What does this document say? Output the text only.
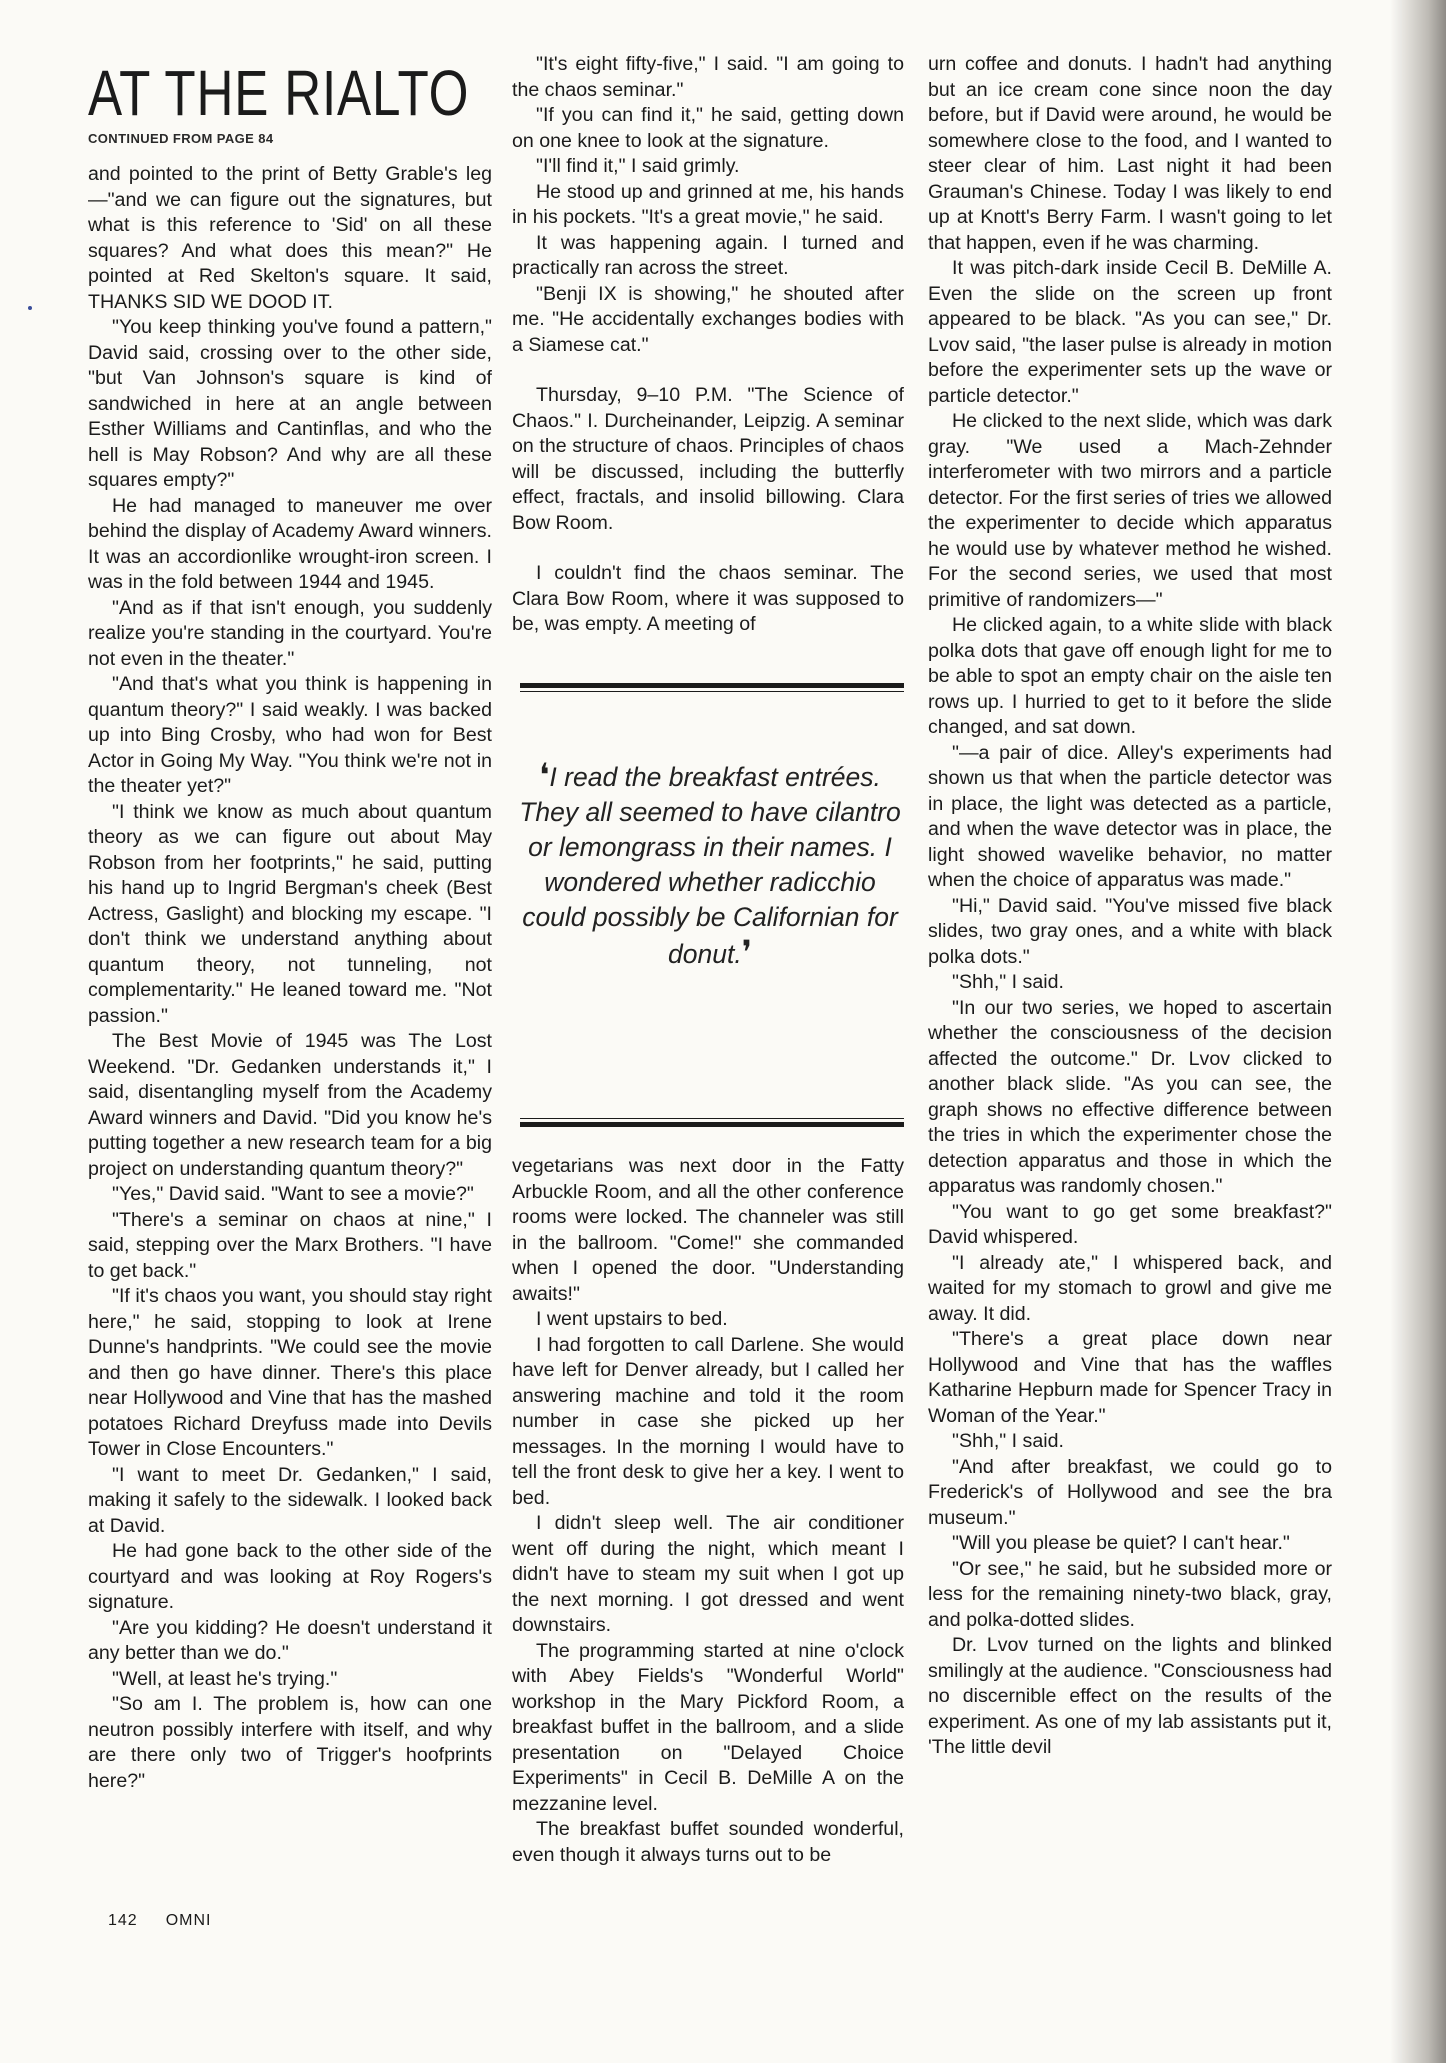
AT THE RIALTO
CONTINUED FROM PAGE 84

and pointed to the print of Betty Grable's leg—"and we can figure out the signatures, but what is this reference to 'Sid' on all these squares? And what does this mean?" He pointed at Red Skelton's square. It said, THANKS SID WE DOOD IT.

"You keep thinking you've found a pattern," David said, crossing over to the other side, "but Van Johnson's square is kind of sandwiched in here at an angle between Esther Williams and Cantinflas, and who the hell is May Robson? And why are all these squares empty?"

He had managed to maneuver me over behind the display of Academy Award winners. It was an accordionlike wrought-iron screen. I was in the fold between 1944 and 1945.

"And as if that isn't enough, you suddenly realize you're standing in the courtyard. You're not even in the theater."

"And that's what you think is happening in quantum theory?" I said weakly. I was backed up into Bing Crosby, who had won for Best Actor in Going My Way. "You think we're not in the theater yet?"

"I think we know as much about quantum theory as we can figure out about May Robson from her footprints," he said, putting his hand up to Ingrid Bergman's cheek (Best Actress, Gaslight) and blocking my escape. "I don't think we understand anything about quantum theory, not tunneling, not complementarity." He leaned toward me. "Not passion."

The Best Movie of 1945 was The Lost Weekend. "Dr. Gedanken understands it," I said, disentangling myself from the Academy Award winners and David. "Did you know he's putting together a new research team for a big project on understanding quantum theory?"

"Yes," David said. "Want to see a movie?"

"There's a seminar on chaos at nine," I said, stepping over the Marx Brothers. "I have to get back."

"If it's chaos you want, you should stay right here," he said, stopping to look at Irene Dunne's handprints. "We could see the movie and then go have dinner. There's this place near Hollywood and Vine that has the mashed potatoes Richard Dreyfuss made into Devils Tower in Close Encounters."

"I want to meet Dr. Gedanken," I said, making it safely to the sidewalk. I looked back at David.

He had gone back to the other side of the courtyard and was looking at Roy Rogers's signature.

"Are you kidding? He doesn't understand it any better than we do."

"Well, at least he's trying."

"So am I. The problem is, how can one neutron possibly interfere with itself, and why are there only two of Trigger's hoofprints here?"

"It's eight fifty-five," I said. "I am going to the chaos seminar."

"If you can find it," he said, getting down on one knee to look at the signature.

"I'll find it," I said grimly.

He stood up and grinned at me, his hands in his pockets. "It's a great movie," he said.

It was happening again. I turned and practically ran across the street.

"Benji IX is showing," he shouted after me. "He accidentally exchanges bodies with a Siamese cat."

Thursday, 9–10 P.M. "The Science of Chaos." I. Durcheinander, Leipzig. A seminar on the structure of chaos. Principles of chaos will be discussed, including the butterfly effect, fractals, and insolid billowing. Clara Bow Room.

I couldn't find the chaos seminar. The Clara Bow Room, where it was supposed to be, was empty. A meeting of

❛I read the breakfast entrées. They all seemed to have cilantro or lemongrass in their names. I wondered whether radicchio could possibly be Californian for donut.❜

vegetarians was next door in the Fatty Arbuckle Room, and all the other conference rooms were locked. The channeler was still in the ballroom. "Come!" she commanded when I opened the door. "Understanding awaits!"

I went upstairs to bed.

I had forgotten to call Darlene. She would have left for Denver already, but I called her answering machine and told it the room number in case she picked up her messages. In the morning I would have to tell the front desk to give her a key. I went to bed.

I didn't sleep well. The air conditioner went off during the night, which meant I didn't have to steam my suit when I got up the next morning. I got dressed and went downstairs.

The programming started at nine o'clock with Abey Fields's "Wonderful World" workshop in the Mary Pickford Room, a breakfast buffet in the ballroom, and a slide presentation on "Delayed Choice Experiments" in Cecil B. DeMille A on the mezzanine level.

The breakfast buffet sounded wonderful, even though it always turns out to be

urn coffee and donuts. I hadn't had anything but an ice cream cone since noon the day before, but if David were around, he would be somewhere close to the food, and I wanted to steer clear of him. Last night it had been Grauman's Chinese. Today I was likely to end up at Knott's Berry Farm. I wasn't going to let that happen, even if he was charming.

It was pitch-dark inside Cecil B. DeMille A. Even the slide on the screen up front appeared to be black. "As you can see," Dr. Lvov said, "the laser pulse is already in motion before the experimenter sets up the wave or particle detector."

He clicked to the next slide, which was dark gray. "We used a Mach-Zehnder interferometer with two mirrors and a particle detector. For the first series of tries we allowed the experimenter to decide which apparatus he would use by whatever method he wished. For the second series, we used that most primitive of randomizers—"

He clicked again, to a white slide with black polka dots that gave off enough light for me to be able to spot an empty chair on the aisle ten rows up. I hurried to get to it before the slide changed, and sat down.

"—a pair of dice. Alley's experiments had shown us that when the particle detector was in place, the light was detected as a particle, and when the wave detector was in place, the light showed wavelike behavior, no matter when the choice of apparatus was made."

"Hi," David said. "You've missed five black slides, two gray ones, and a white with black polka dots."

"Shh," I said.

"In our two series, we hoped to ascertain whether the consciousness of the decision affected the outcome." Dr. Lvov clicked to another black slide. "As you can see, the graph shows no effective difference between the tries in which the experimenter chose the detection apparatus and those in which the apparatus was randomly chosen."

"You want to go get some breakfast?" David whispered.

"I already ate," I whispered back, and waited for my stomach to growl and give me away. It did.

"There's a great place down near Hollywood and Vine that has the waffles Katharine Hepburn made for Spencer Tracy in Woman of the Year."

"Shh," I said.

"And after breakfast, we could go to Frederick's of Hollywood and see the bra museum."

"Will you please be quiet? I can't hear."

"Or see," he said, but he subsided more or less for the remaining ninety-two black, gray, and polka-dotted slides.

Dr. Lvov turned on the lights and blinked smilingly at the audience. "Consciousness had no discernible effect on the results of the experiment. As one of my lab assistants put it, 'The little devil

142 OMNI
